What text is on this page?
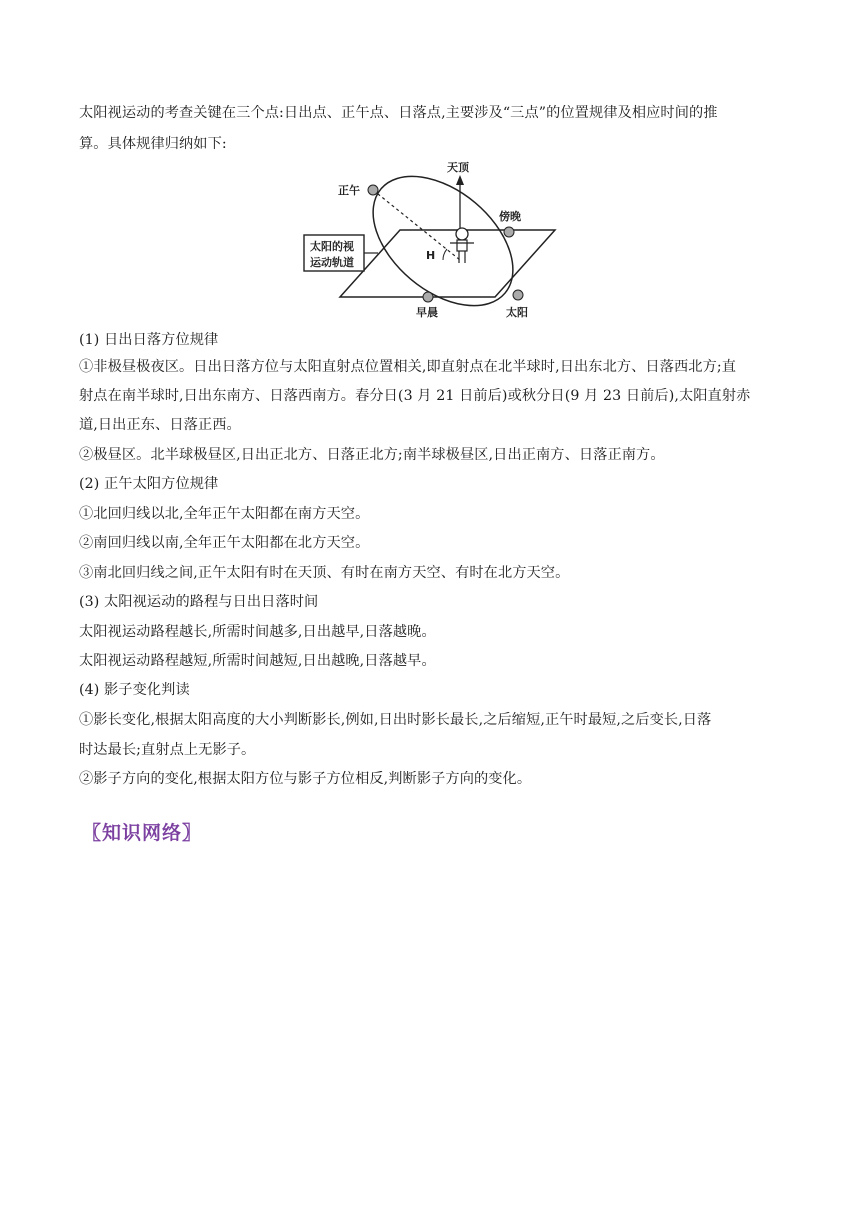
太阳视运动的考查关键在三个点:日出点、正午点、日落点,主要涉及“三点”的位置规律及相应时间的推
算。具体规律归纳如下:
天顶
正午
傍晚
太阳的视
运动轨道
H
早晨	太阳
(1) 日出日落方位规律
①非极昼极夜区。日出日落方位与太阳直射点位置相关,即直射点在北半球时,日出东北方、日落西北方;直
射点在南半球时,日出东南方、日落西南方。春分日(3 月 21 日前后)或秋分日(9 月 23 日前后),太阳直射赤
道,日出正东、日落正西。
②极昼区。北半球极昼区,日出正北方、日落正北方;南半球极昼区,日出正南方、日落正南方。
(2) 正午太阳方位规律
①北回归线以北,全年正午太阳都在南方天空。
②南回归线以南,全年正午太阳都在北方天空。
③南北回归线之间,正午太阳有时在天顶、有时在南方天空、有时在北方天空。
(3) 太阳视运动的路程与日出日落时间
太阳视运动路程越长,所需时间越多,日出越早,日落越晚。
太阳视运动路程越短,所需时间越短,日出越晚,日落越早。
(4) 影子变化判读
①影长变化,根据太阳高度的大小判断影长,例如,日出时影长最长,之后缩短,正午时最短,之后变长,日落
时达最长;直射点上无影子。
②影子方向的变化,根据太阳方位与影子方位相反,判断影子方向的变化。
〖知识网络〗
